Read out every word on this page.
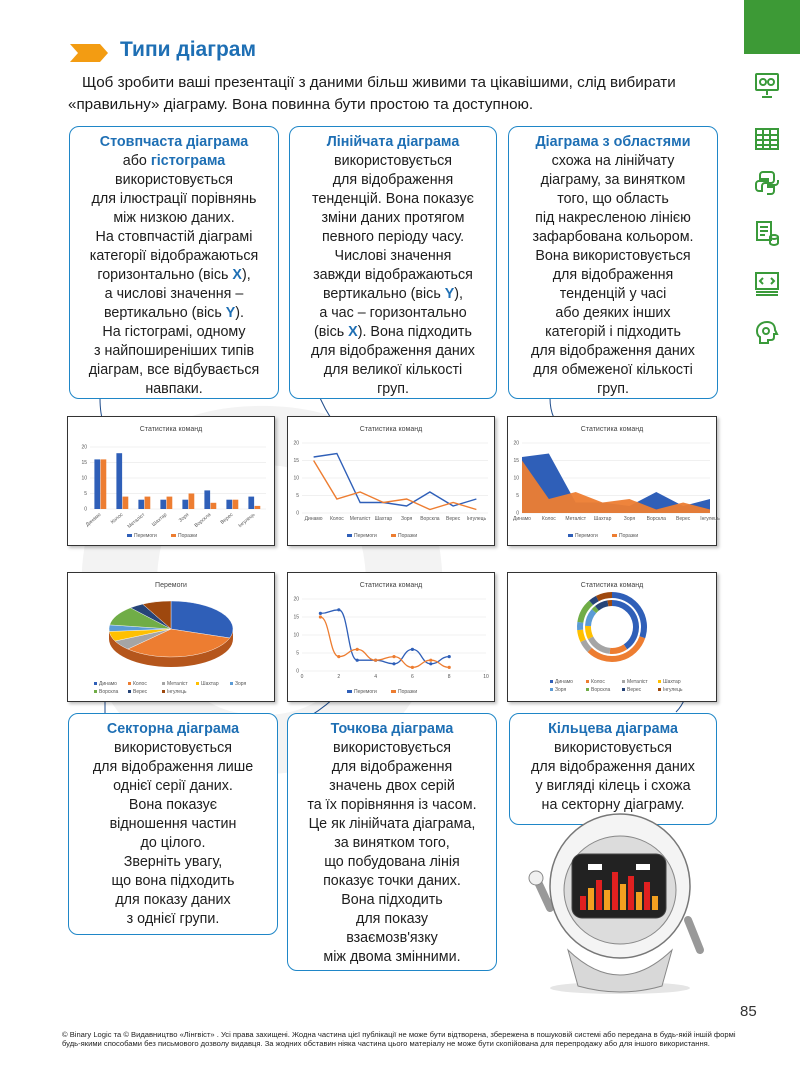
Типи діаграм

Щоб зробити ваші презентації з даними більш живими та цікавішими, слід вибирати «правильну» діаграму. Вона повинна бути простою та доступною.

Стовпчаста діаграма
або гістограма
використовується
для ілюстрації порівнянь
між низкою даних.
На стовпчастій діаграмі
категорії відображаються
горизонтально (вісь X),
а числові значення –
вертикально (вісь Y).
На гістограмі, одному
з найпоширеніших типів
діаграм, все відбувається
навпаки.
Лінійчата діаграма
використовується
для відображення
тенденцій. Вона показує
зміни даних протягом
певного періоду часу.
Числові значення
завжди відображаються
вертикально (вісь Y),
а час – горизонтально
(вісь X). Вона підходить
для відображення даних
для великої кількості
груп.
Діаграма з областями
схожа на лінійчату
діаграму, за винятком
того, що область
під накресленою лінією
зафарбована кольором.
Вона використовується
для відображення
тенденцій у часі
або деяких інших
категорій і підходить
для відображення даних
для обмеженої кількості
груп.
Статистика команд
20
15
10
5
0
Динамо Колос Металіст Шахтар Зоря Ворскла Верес Інгулець
Перемоги	Поразки
Статистика команд
20
15
10
5
0
Динамо Колос Металіст Шахтар Зоря Ворскла Верес Інгулець
Перемоги	Поразки
Статистика команд
20
15
10
5
0
Динамо Колос Металіст Шахтар Зоря Ворскла Верес Інгулець
Перемоги	Поразки
Перемоги
Динамо	Колос	Металіст	Шахтар	Зоря
Ворскла	Верес	Інгулець
Статистика команд
20
15
10
5
0
0	2	4	6	8	10
Перемоги	Поразки
Статистика команд
Динамо	Колос	Металіст	Шахтар
Зоря	Ворскла	Верес	Інгулець
Секторна діаграма
використовується
для відображення лише
однієї серії даних.
Вона показує
відношення частин
до цілого.
Зверніть увагу,
що вона підходить
для показу даних
з однієї групи.
Точкова діаграма
використовується
для відображення
значень двох серій
та їх порівняння із часом.
Це як лінійчата діаграма,
за винятком того,
що побудована лінія
показує точки даних.
Вона підходить
для показу
взаємозв'язку
між двома змінними.
Кільцева діаграма
використовується
для відображення даних
у вигляді кілець і схожа
на секторну діаграму.
85
© Binary Logic та © Видавництво «Лінгвіст» . Усі права захищені. Жодна частина цієї публікації не може бути відтворена, збережена в пошуковій системі або передана в будь-якій іншій формі будь-якими способами без письмового дозволу видавця. За жодних обставин ніяка частина цього матеріалу не може бути скопійована для перепродажу або для іншого використання.
